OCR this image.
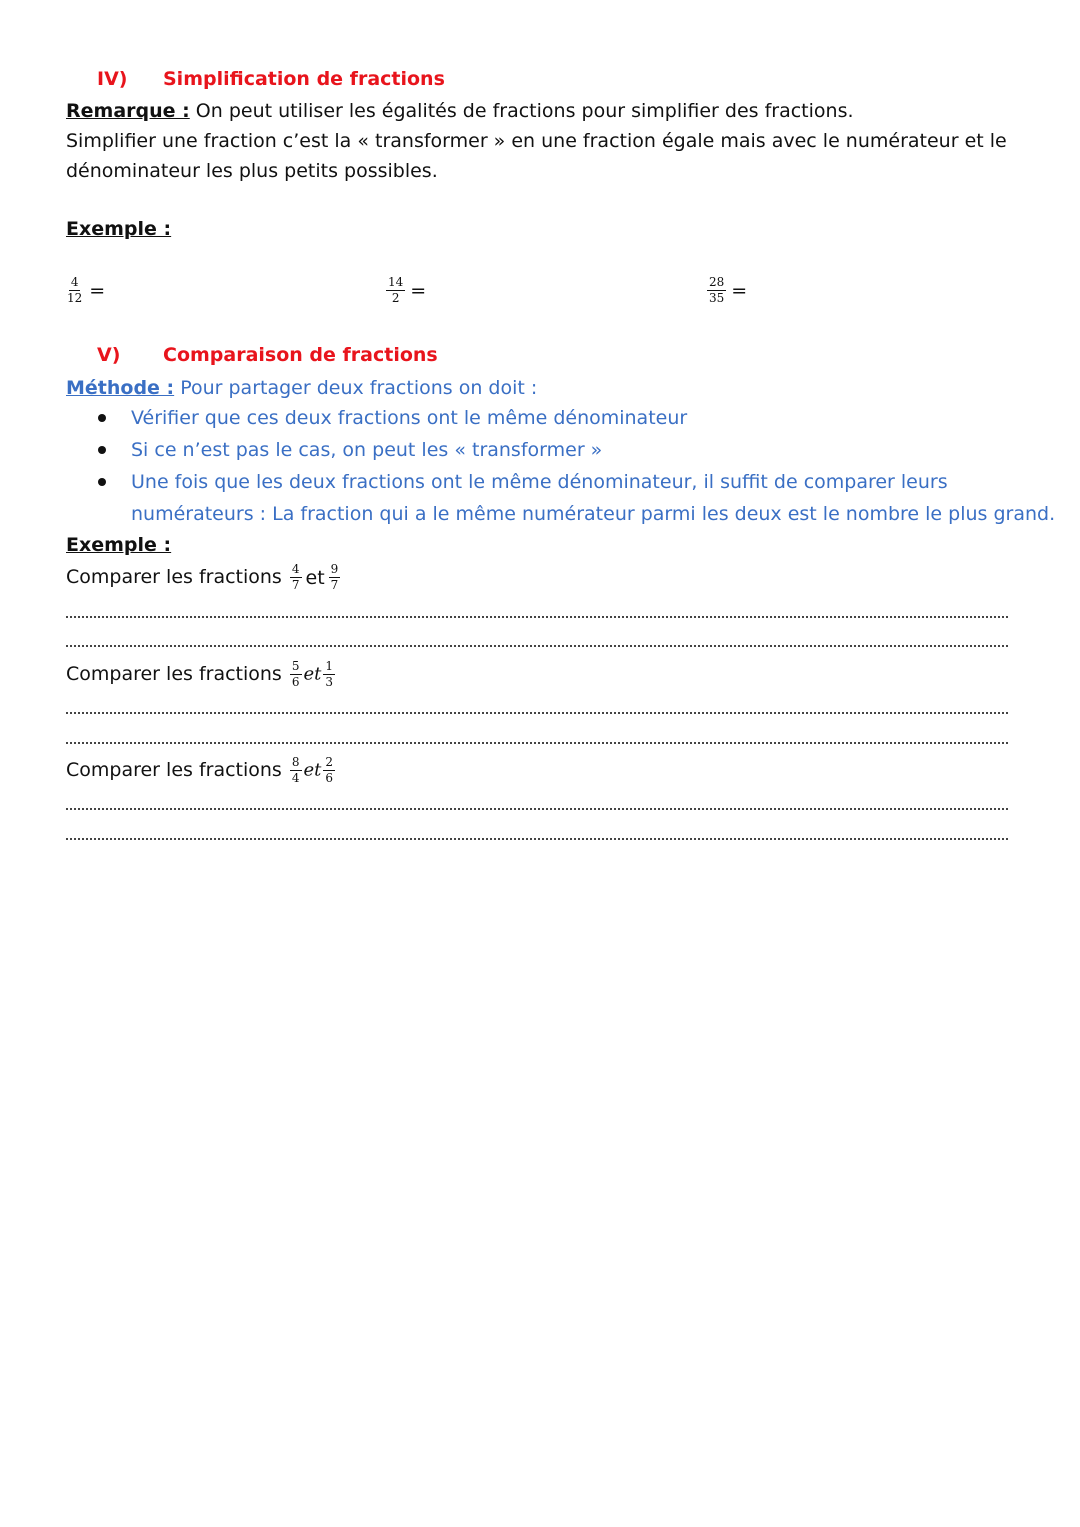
IV) Simplification de fractions
Remarque : On peut utiliser les égalités de fractions pour simplifier des fractions.
Simplifier une fraction c’est la « transformer » en une fraction égale mais avec le numérateur et le
dénominateur les plus petits possibles.
Exemple :
$\frac{4}{12}$ =	$\frac{14}{2}$ =	$\frac{28}{35}$ =
V) Comparaison de fractions
Méthode : Pour partager deux fractions on doit :
Vérifier que ces deux fractions ont le même dénominateur
Si ce n’est pas le cas, on peut les « transformer »
Une fois que les deux fractions ont le même dénominateur, il suffit de comparer leurs
numérateurs : La fraction qui a le même numérateur parmi les deux est le nombre le plus grand.
Exemple :
Comparer les fractions $\frac{4}{7}$ et $\frac{9}{7}$
Comparer les fractions $\frac{5}{6}$ et $\frac{1}{3}$
Comparer les fractions $\frac{8}{4}$ et $\frac{2}{6}$
